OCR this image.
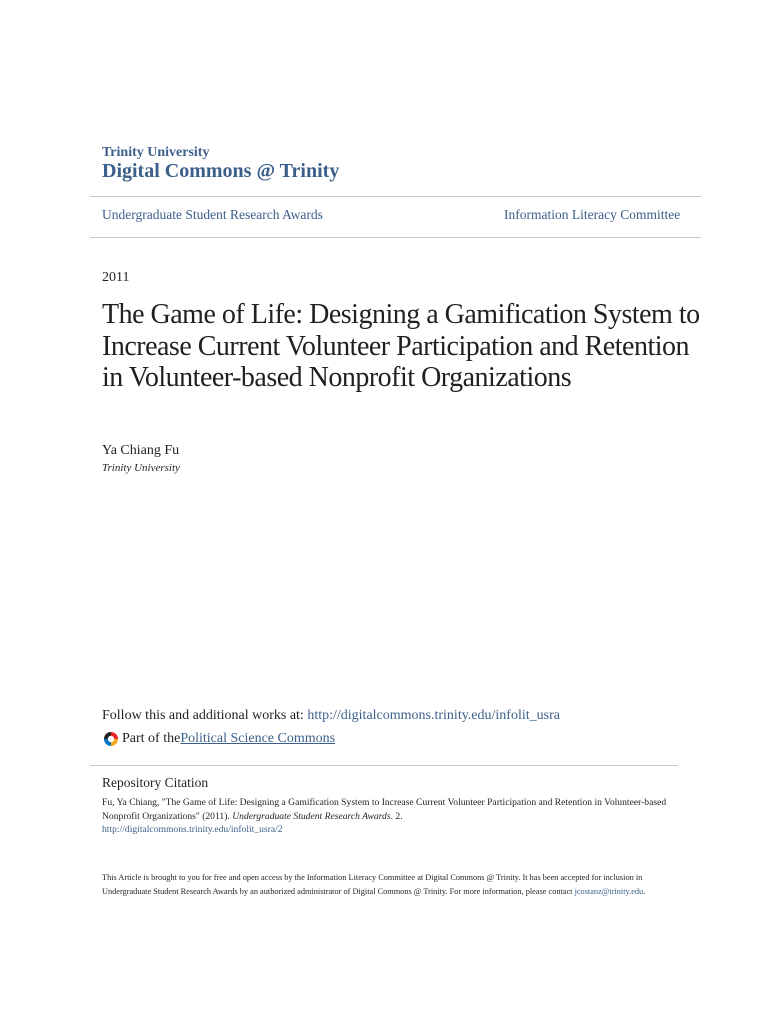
Trinity University
Digital Commons @ Trinity
Undergraduate Student Research Awards	Information Literacy Committee
2011
The Game of Life: Designing a Gamification System to Increase Current Volunteer Participation and Retention in Volunteer-based Nonprofit Organizations
Ya Chiang Fu
Trinity University
Follow this and additional works at: http://digitalcommons.trinity.edu/infolit_usra
Part of the Political Science Commons
Repository Citation

Fu, Ya Chiang, "The Game of Life: Designing a Gamification System to Increase Current Volunteer Participation and Retention in Volunteer-based Nonprofit Organizations" (2011). Undergraduate Student Research Awards. 2.
http://digitalcommons.trinity.edu/infolit_usra/2

This Article is brought to you for free and open access by the Information Literacy Committee at Digital Commons @ Trinity. It has been accepted for inclusion in Undergraduate Student Research Awards by an authorized administrator of Digital Commons @ Trinity. For more information, please contact jcostanz@trinity.edu.
